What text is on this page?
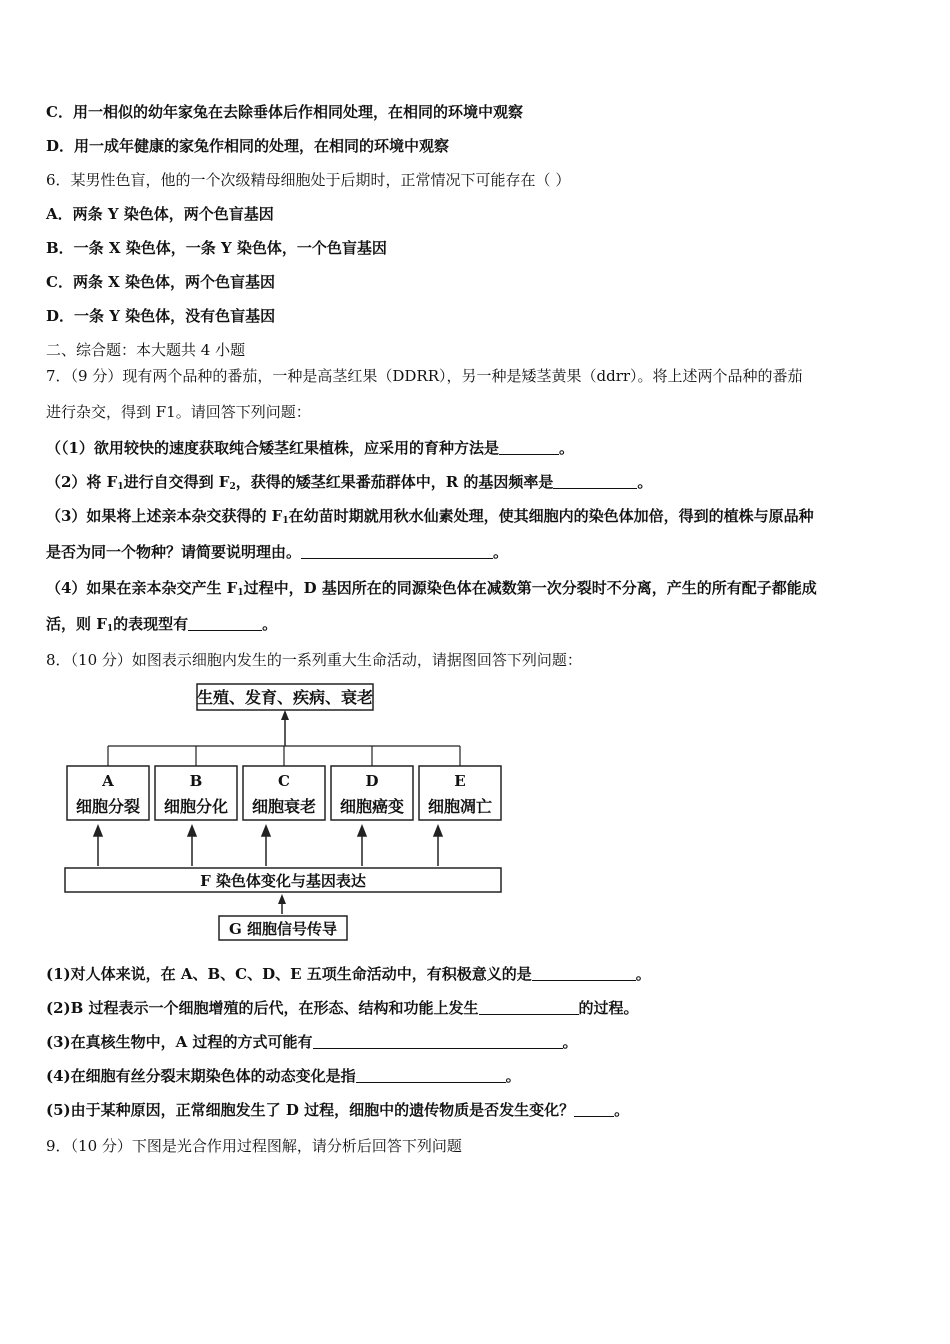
C．用一相似的幼年家兔在去除垂体后作相同处理，在相同的环境中观察
D．用一成年健康的家兔作相同的处理，在相同的环境中观察
6．某男性色盲，他的一个次级精母细胞处于后期时，正常情况下可能存在（ ）
A．两条 Y 染色体，两个色盲基因
B．一条 X 染色体，一条 Y 染色体，一个色盲基因
C．两条 X 染色体，两个色盲基因
D．一条 Y 染色体，没有色盲基因
二、综合题：本大题共 4 小题
7．（9 分）现有两个品种的番茄，一种是高茎红果（DDRR），另一种是矮茎黄果（ddrr）。将上述两个品种的番茄
进行杂交，得到 F1。请回答下列问题：
（（1）欲用较快的速度获取纯合矮茎红果植株，应采用的育种方法是	。
（2）将 $F_1$进行自交得到 $F_2$，获得的矮茎红果番茄群体中，R 的基因频率是	。
（3）如果将上述亲本杂交获得的 $F_1$在幼苗时期就用秋水仙素处理，使其细胞内的染色体加倍，得到的植株与原品种
是否为同一个物种？请简要说明理由。	。
（4）如果在亲本杂交产生 $F_1$过程中，D 基因所在的同源染色体在减数第一次分裂时不分离，产生的所有配子都能成
活，则 $F_1$的表现型有	。
8．（10 分）如图表示细胞内发生的一系列重大生命活动，请据图回答下列问题：
生殖、发育、疾病、衰老
A
细胞分裂
B
细胞分化
C
细胞衰老
D
细胞癌变
E
细胞凋亡
F 染色体变化与基因表达
G 细胞信号传导
(1)对人体来说，在 A、B、C、D、E 五项生命活动中，有积极意义的是	。
(2)B 过程表示一个细胞增殖的后代，在形态、结构和功能上发生	的过程。
(3)在真核生物中，A 过程的方式可能有	。
(4)在细胞有丝分裂末期染色体的动态变化是指	。
(5)由于某种原因，正常细胞发生了 D 过程，细胞中的遗传物质是否发生变化？	。
9．（10 分）下图是光合作用过程图解，请分析后回答下列问题
